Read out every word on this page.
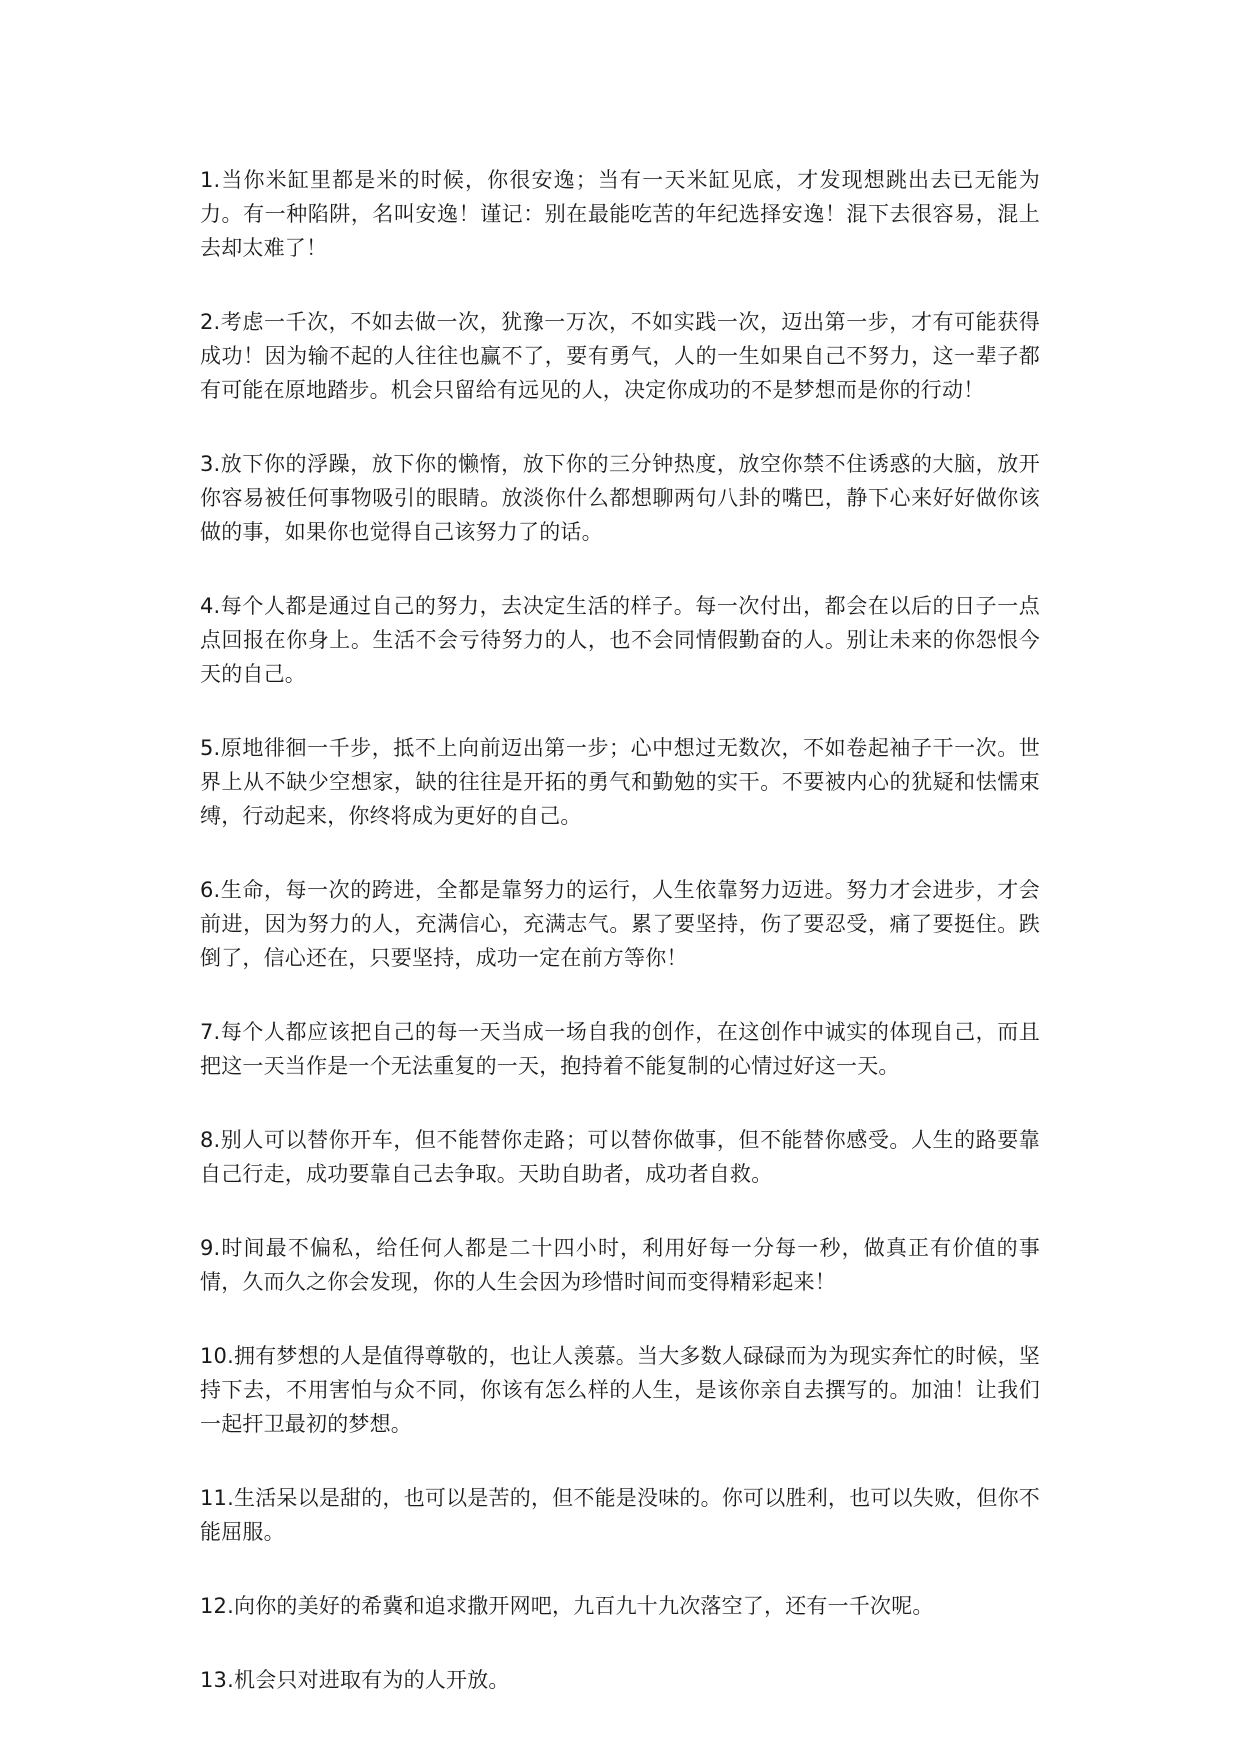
1.当你米缸里都是米的时候，你很安逸；当有一天米缸见底，才发现想跳出去已无能为力。有一种陷阱，名叫安逸！谨记：别在最能吃苦的年纪选择安逸！混下去很容易，混上去却太难了！

2.考虑一千次，不如去做一次，犹豫一万次，不如实践一次，迈出第一步，才有可能获得成功！因为输不起的人往往也赢不了，要有勇气，人的一生如果自己不努力，这一辈子都有可能在原地踏步。机会只留给有远见的人，决定你成功的不是梦想而是你的行动！

3.放下你的浮躁，放下你的懒惰，放下你的三分钟热度，放空你禁不住诱惑的大脑，放开你容易被任何事物吸引的眼睛。放淡你什么都想聊两句八卦的嘴巴，静下心来好好做你该做的事，如果你也觉得自己该努力了的话。

4.每个人都是通过自己的努力，去决定生活的样子。每一次付出，都会在以后的日子一点点回报在你身上。生活不会亏待努力的人，也不会同情假勤奋的人。别让未来的你怨恨今天的自己。

5.原地徘徊一千步，抵不上向前迈出第一步；心中想过无数次，不如卷起袖子干一次。世界上从不缺少空想家，缺的往往是开拓的勇气和勤勉的实干。不要被内心的犹疑和怯懦束缚，行动起来，你终将成为更好的自己。

6.生命，每一次的跨进，全都是靠努力的运行，人生依靠努力迈进。努力才会进步，才会前进，因为努力的人，充满信心，充满志气。累了要坚持，伤了要忍受，痛了要挺住。跌倒了，信心还在，只要坚持，成功一定在前方等你！

7.每个人都应该把自己的每一天当成一场自我的创作，在这创作中诚实的体现自己，而且把这一天当作是一个无法重复的一天，抱持着不能复制的心情过好这一天。

8.别人可以替你开车，但不能替你走路；可以替你做事，但不能替你感受。人生的路要靠自己行走，成功要靠自己去争取。天助自助者，成功者自救。

9.时间最不偏私，给任何人都是二十四小时，利用好每一分每一秒，做真正有价值的事情，久而久之你会发现，你的人生会因为珍惜时间而变得精彩起来！

10.拥有梦想的人是值得尊敬的，也让人羡慕。当大多数人碌碌而为为现实奔忙的时候，坚持下去，不用害怕与众不同，你该有怎么样的人生，是该你亲自去撰写的。加油！让我们一起扞卫最初的梦想。

11.生活呆以是甜的，也可以是苦的，但不能是没味的。你可以胜利，也可以失败，但你不能屈服。

12.向你的美好的希冀和追求撒开网吧，九百九十九次落空了，还有一千次呢。

13.机会只对进取有为的人开放。
